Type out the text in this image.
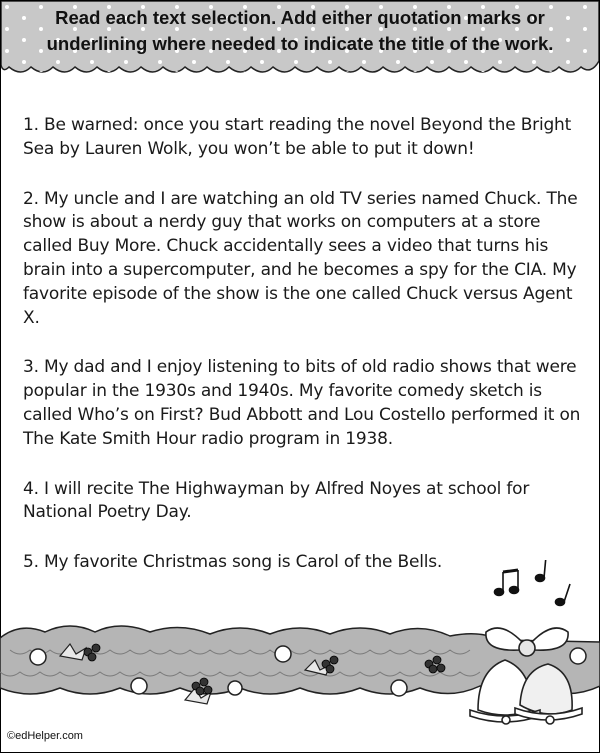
Read each text selection. Add either quotation marks or
underlining where needed to indicate the title of the work.

1. Be warned: once you start reading the novel Beyond the Bright Sea by Lauren Wolk, you won’t be able to put it down!

2. My uncle and I are watching an old TV series named Chuck. The show is about a nerdy guy that works on computers at a store called Buy More. Chuck accidentally sees a video that turns his brain into a supercomputer, and he becomes a spy for the CIA. My favorite episode of the show is the one called Chuck versus Agent X.

3. My dad and I enjoy listening to bits of old radio shows that were popular in the 1930s and 1940s. My favorite comedy sketch is called Who’s on First? Bud Abbott and Lou Costello performed it on The Kate Smith Hour radio program in 1938.

4. I will recite The Highwayman by Alfred Noyes at school for National Poetry Day.

5. My favorite Christmas song is Carol of the Bells.

©edHelper.com
